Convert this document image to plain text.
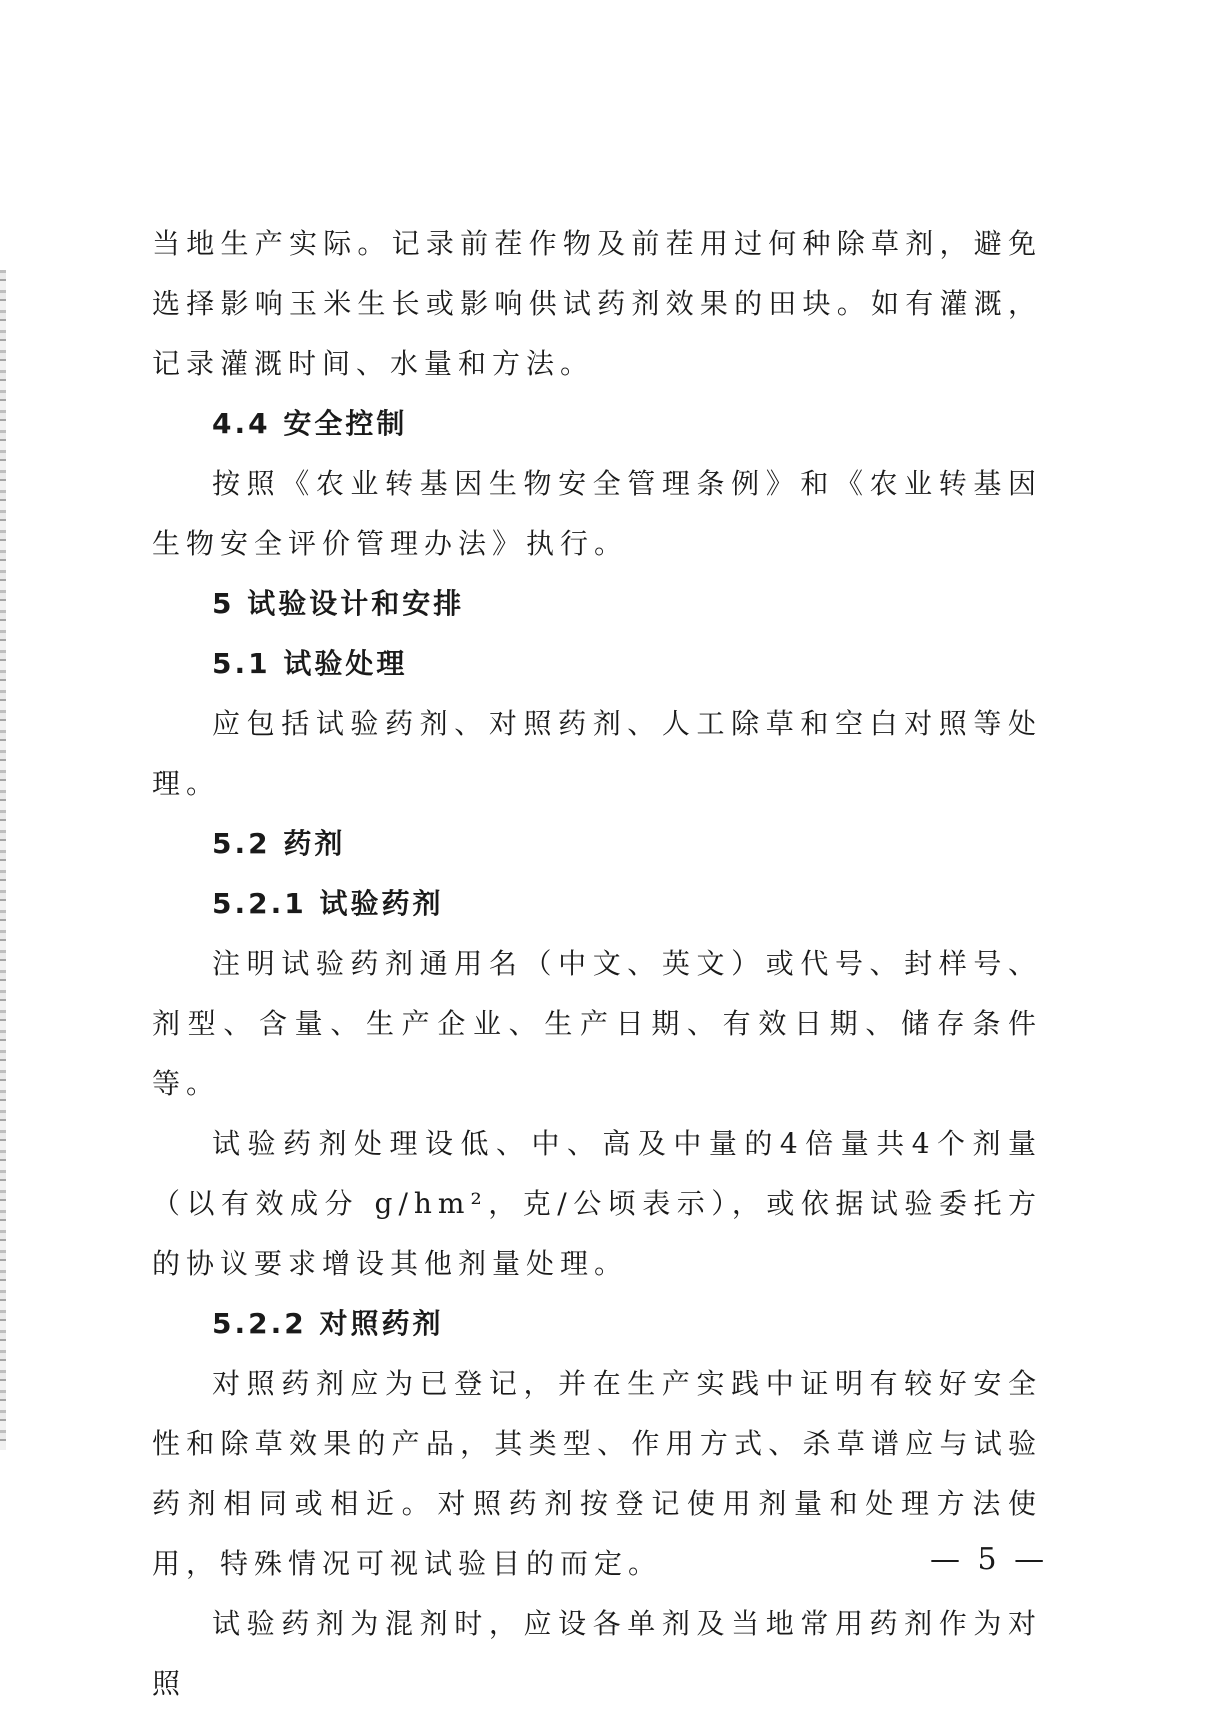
当地生产实际。记录前茬作物及前茬用过何种除草剂，避免选择影响玉米生长或影响供试药剂效果的田块。如有灌溉，记录灌溉时间、水量和方法。

4.4 安全控制

按照《农业转基因生物安全管理条例》和《农业转基因生物安全评价管理办法》执行。

5 试验设计和安排
5.1 试验处理

应包括试验药剂、对照药剂、人工除草和空白对照等处理。

5.2 药剂
5.2.1 试验药剂

注明试验药剂通用名（中文、英文）或代号、封样号、剂型、含量、生产企业、生产日期、有效日期、储存条件等。

试验药剂处理设低、中、高及中量的4倍量共4个剂量（以有效成分 g/hm²，克/公顷表示），或依据试验委托方的协议要求增设其他剂量处理。

5.2.2 对照药剂

对照药剂应为已登记，并在生产实践中证明有较好安全性和除草效果的产品，其类型、作用方式、杀草谱应与试验药剂相同或相近。对照药剂按登记使用剂量和处理方法使用，特殊情况可视试验目的而定。

试验药剂为混剂时，应设各单剂及当地常用药剂作为对照

— 5 —
